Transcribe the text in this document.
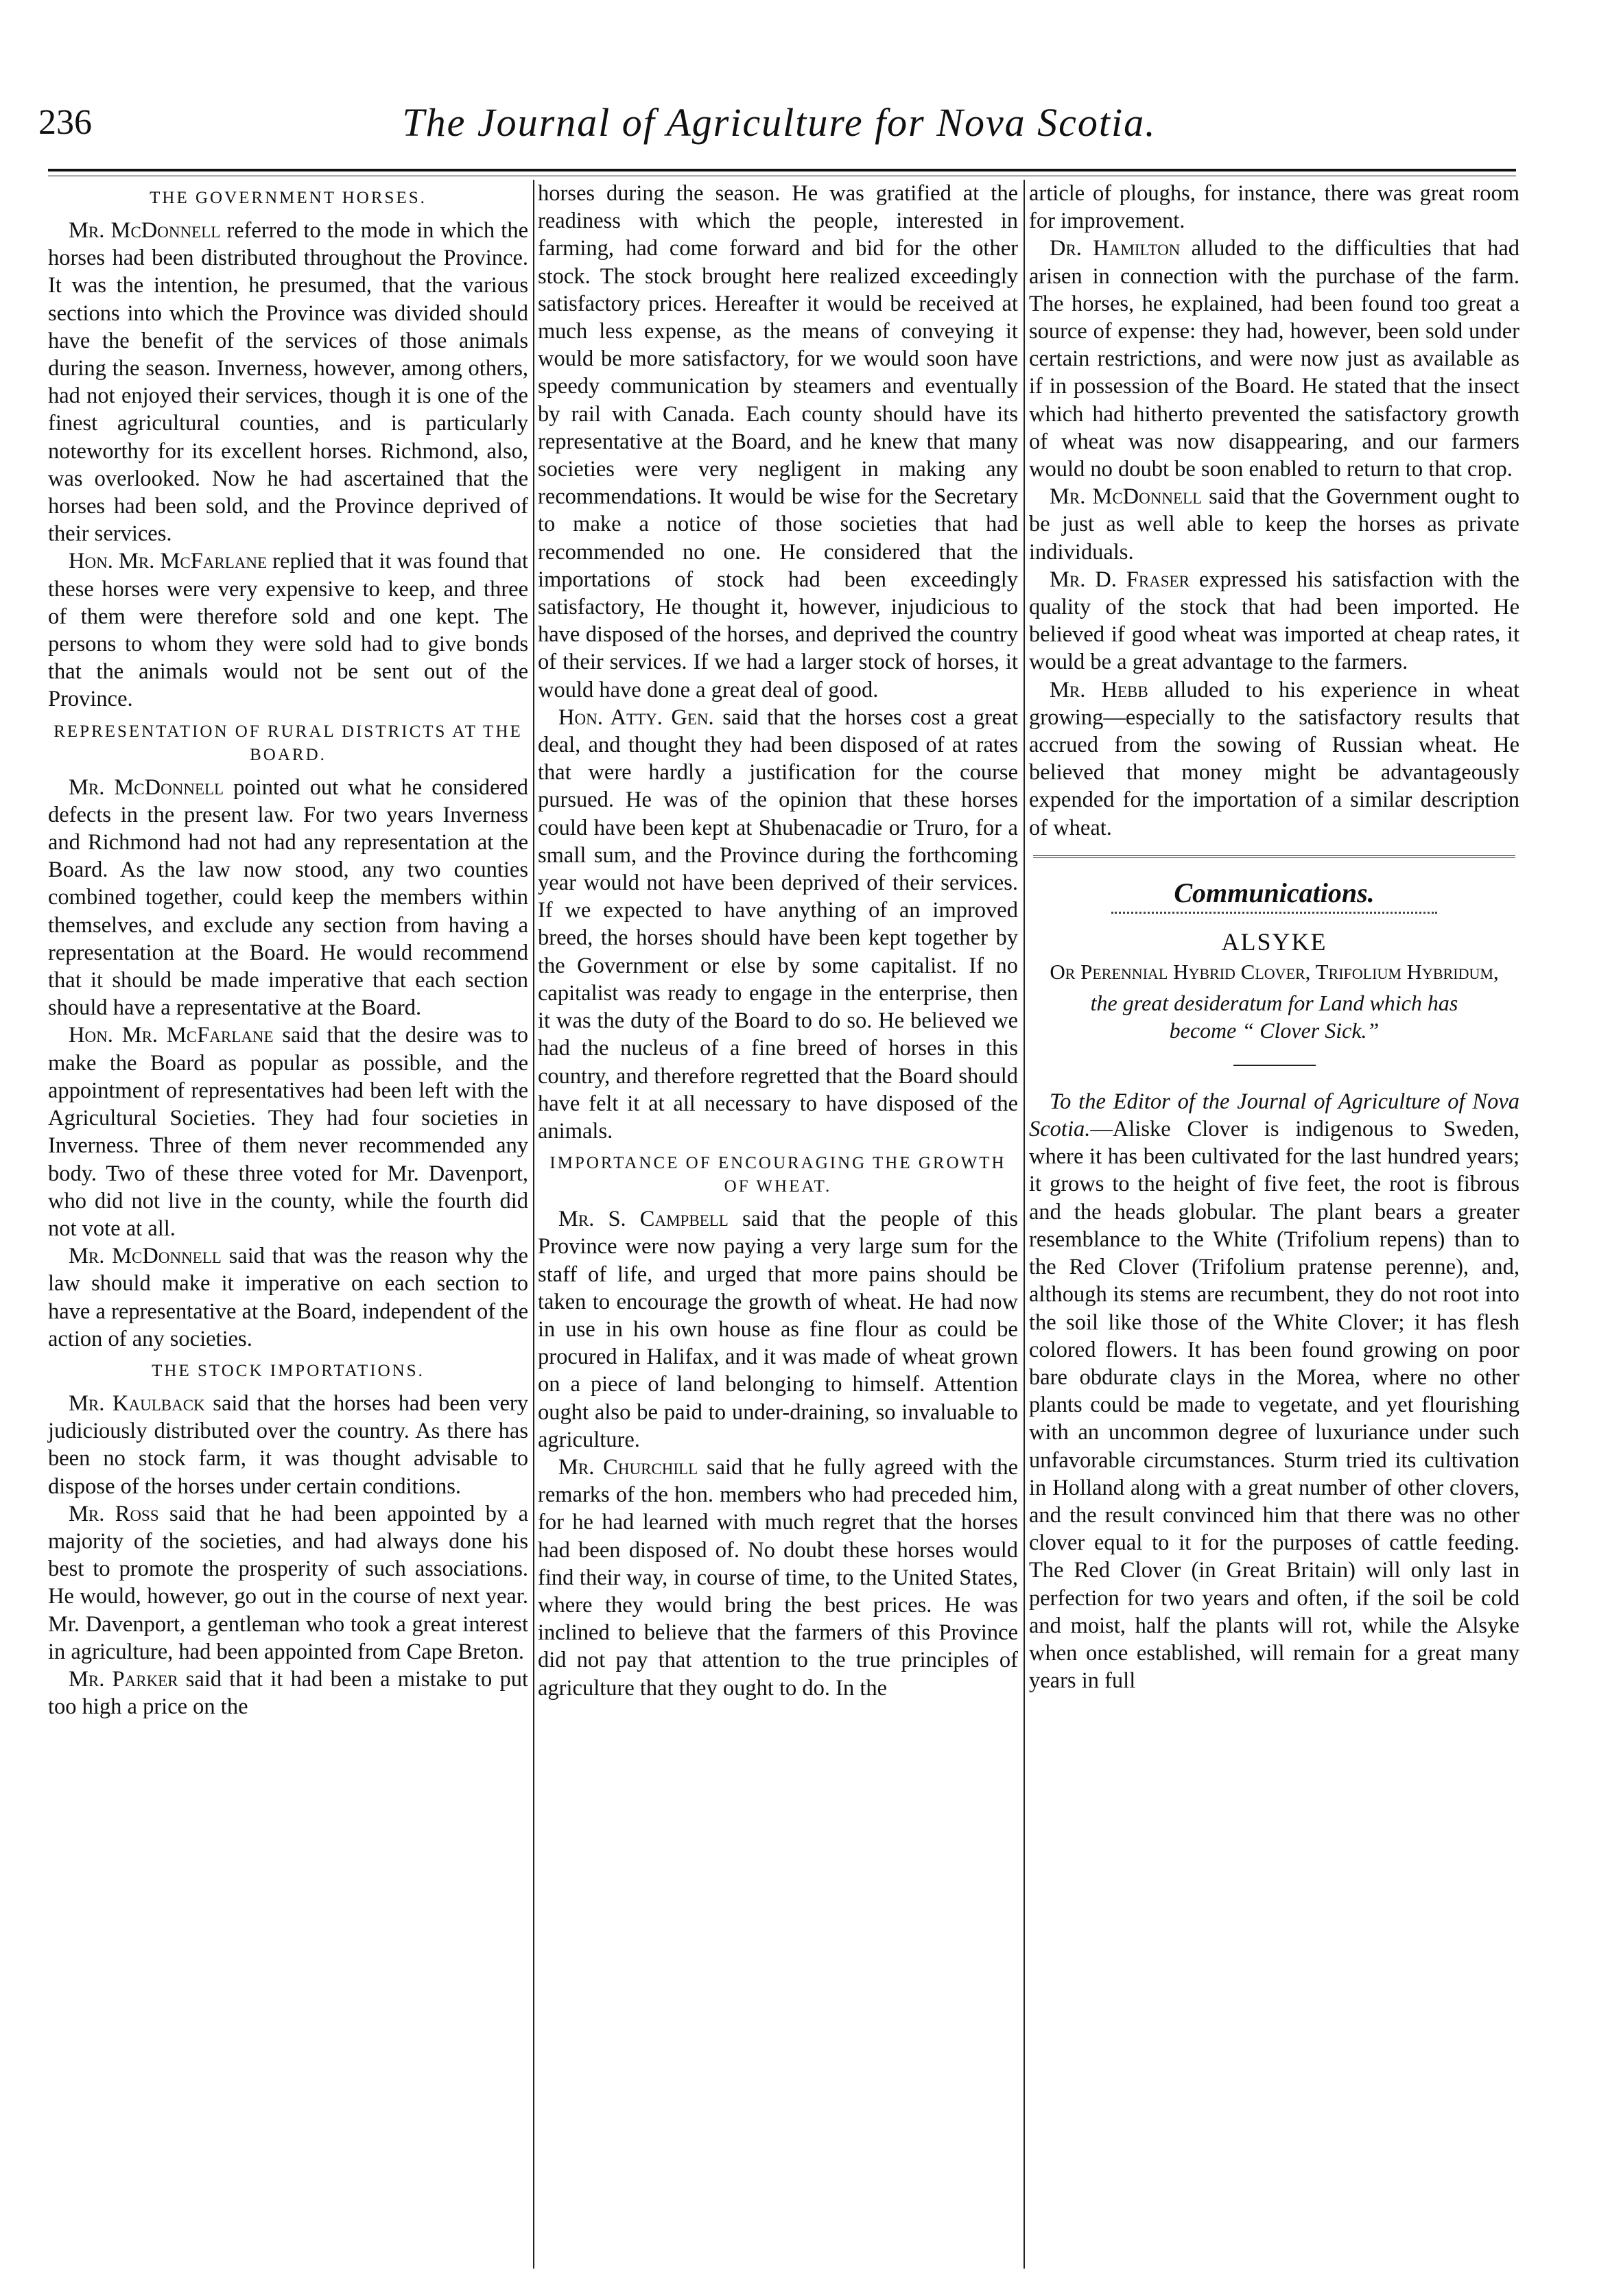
236	The Journal of Agriculture for Nova Scotia.
THE GOVERNMENT HORSES.

Mr. McDonnell referred to the mode in which the horses had been distributed throughout the Province. It was the intention, he presumed, that the various sections into which the Province was divided should have the benefit of the services of those animals during the season. Inverness, however, among others, had not enjoyed their services, though it is one of the finest agricultural counties, and is particularly noteworthy for its excellent horses. Richmond, also, was overlooked. Now he had ascertained that the horses had been sold, and the Province deprived of their services.

Hon. Mr. McFarlane replied that it was found that these horses were very expensive to keep, and three of them were therefore sold and one kept. The persons to whom they were sold had to give bonds that the animals would not be sent out of the Province.

REPRESENTATION OF RURAL DISTRICTS AT THE BOARD.

Mr. McDonnell pointed out what he considered defects in the present law. For two years Inverness and Richmond had not had any representation at the Board. As the law now stood, any two counties combined together, could keep the members within themselves, and exclude any section from having a representation at the Board. He would recommend that it should be made imperative that each section should have a representative at the Board.

Hon. Mr. McFarlane said that the desire was to make the Board as popular as possible, and the appointment of representatives had been left with the Agricultural Societies. They had four societies in Inverness. Three of them never recommended any body. Two of these three voted for Mr. Davenport, who did not live in the county, while the fourth did not vote at all.

Mr. McDonnell said that was the reason why the law should make it imperative on each section to have a representative at the Board, independent of the action of any societies.

THE STOCK IMPORTATIONS.

Mr. Kaulback said that the horses had been very judiciously distributed over the country. As there has been no stock farm, it was thought advisable to dispose of the horses under certain conditions.

Mr. Ross said that he had been appointed by a majority of the societies, and had always done his best to promote the prosperity of such associations. He would, however, go out in the course of next year. Mr. Davenport, a gentleman who took a great interest in agriculture, had been appointed from Cape Breton.

Mr. Parker said that it had been a mistake to put too high a price on the

horses during the season. He was gratified at the readiness with which the people, interested in farming, had come forward and bid for the other stock. The stock brought here realized exceedingly satisfactory prices. Hereafter it would be received at much less expense, as the means of conveying it would be more satisfactory, for we would soon have speedy communication by steamers and eventually by rail with Canada. Each county should have its representative at the Board, and he knew that many societies were very negligent in making any recommendations. It would be wise for the Secretary to make a notice of those societies that had recommended no one. He considered that the importations of stock had been exceedingly satisfactory, He thought it, however, injudicious to have disposed of the horses, and deprived the country of their services. If we had a larger stock of horses, it would have done a great deal of good.

Hon. Atty. Gen. said that the horses cost a great deal, and thought they had been disposed of at rates that were hardly a justification for the course pursued. He was of the opinion that these horses could have been kept at Shubenacadie or Truro, for a small sum, and the Province during the forthcoming year would not have been deprived of their services. If we expected to have anything of an improved breed, the horses should have been kept together by the Government or else by some capitalist. If no capitalist was ready to engage in the enterprise, then it was the duty of the Board to do so. He believed we had the nucleus of a fine breed of horses in this country, and therefore regretted that the Board should have felt it at all necessary to have disposed of the animals.

IMPORTANCE OF ENCOURAGING THE GROWTH OF WHEAT.

Mr. S. Campbell said that the people of this Province were now paying a very large sum for the staff of life, and urged that more pains should be taken to encourage the growth of wheat. He had now in use in his own house as fine flour as could be procured in Halifax, and it was made of wheat grown on a piece of land belonging to himself. Attention ought also be paid to under-draining, so invaluable to agriculture.

Mr. Churchill said that he fully agreed with the remarks of the hon. members who had preceded him, for he had learned with much regret that the horses had been disposed of. No doubt these horses would find their way, in course of time, to the United States, where they would bring the best prices. He was inclined to believe that the farmers of this Province did not pay that attention to the true principles of agriculture that they ought to do. In the

article of ploughs, for instance, there was great room for improvement.

Dr. Hamilton alluded to the difficulties that had arisen in connection with the purchase of the farm. The horses, he explained, had been found too great a source of expense: they had, however, been sold under certain restrictions, and were now just as available as if in possession of the Board. He stated that the insect which had hitherto prevented the satisfactory growth of wheat was now disappearing, and our farmers would no doubt be soon enabled to return to that crop.

Mr. McDonnell said that the Government ought to be just as well able to keep the horses as private individuals.

Mr. D. Fraser expressed his satisfaction with the quality of the stock that had been imported. He believed if good wheat was imported at cheap rates, it would be a great advantage to the farmers.

Mr. Hebb alluded to his experience in wheat growing—especially to the satisfactory results that accrued from the sowing of Russian wheat. He believed that money might be advantageously expended for the importation of a similar description of wheat.

Communications.
ALSYKE
Or Perennial Hybrid Clover, Trifolium Hybridum,
the great desideratum for Land which has become “ Clover Sick.”

To the Editor of the Journal of Agriculture of Nova Scotia.—Aliske Clover is indigenous to Sweden, where it has been cultivated for the last hundred years; it grows to the height of five feet, the root is fibrous and the heads globular. The plant bears a greater resemblance to the White (Trifolium repens) than to the Red Clover (Trifolium pratense perenne), and, although its stems are recumbent, they do not root into the soil like those of the White Clover; it has flesh colored flowers. It has been found growing on poor bare obdurate clays in the Morea, where no other plants could be made to vegetate, and yet flourishing with an uncommon degree of luxuriance under such unfavorable circumstances. Sturm tried its cultivation in Holland along with a great number of other clovers, and the result convinced him that there was no other clover equal to it for the purposes of cattle feeding. The Red Clover (in Great Britain) will only last in perfection for two years and often, if the soil be cold and moist, half the plants will rot, while the Alsyke when once established, will remain for a great many years in full
